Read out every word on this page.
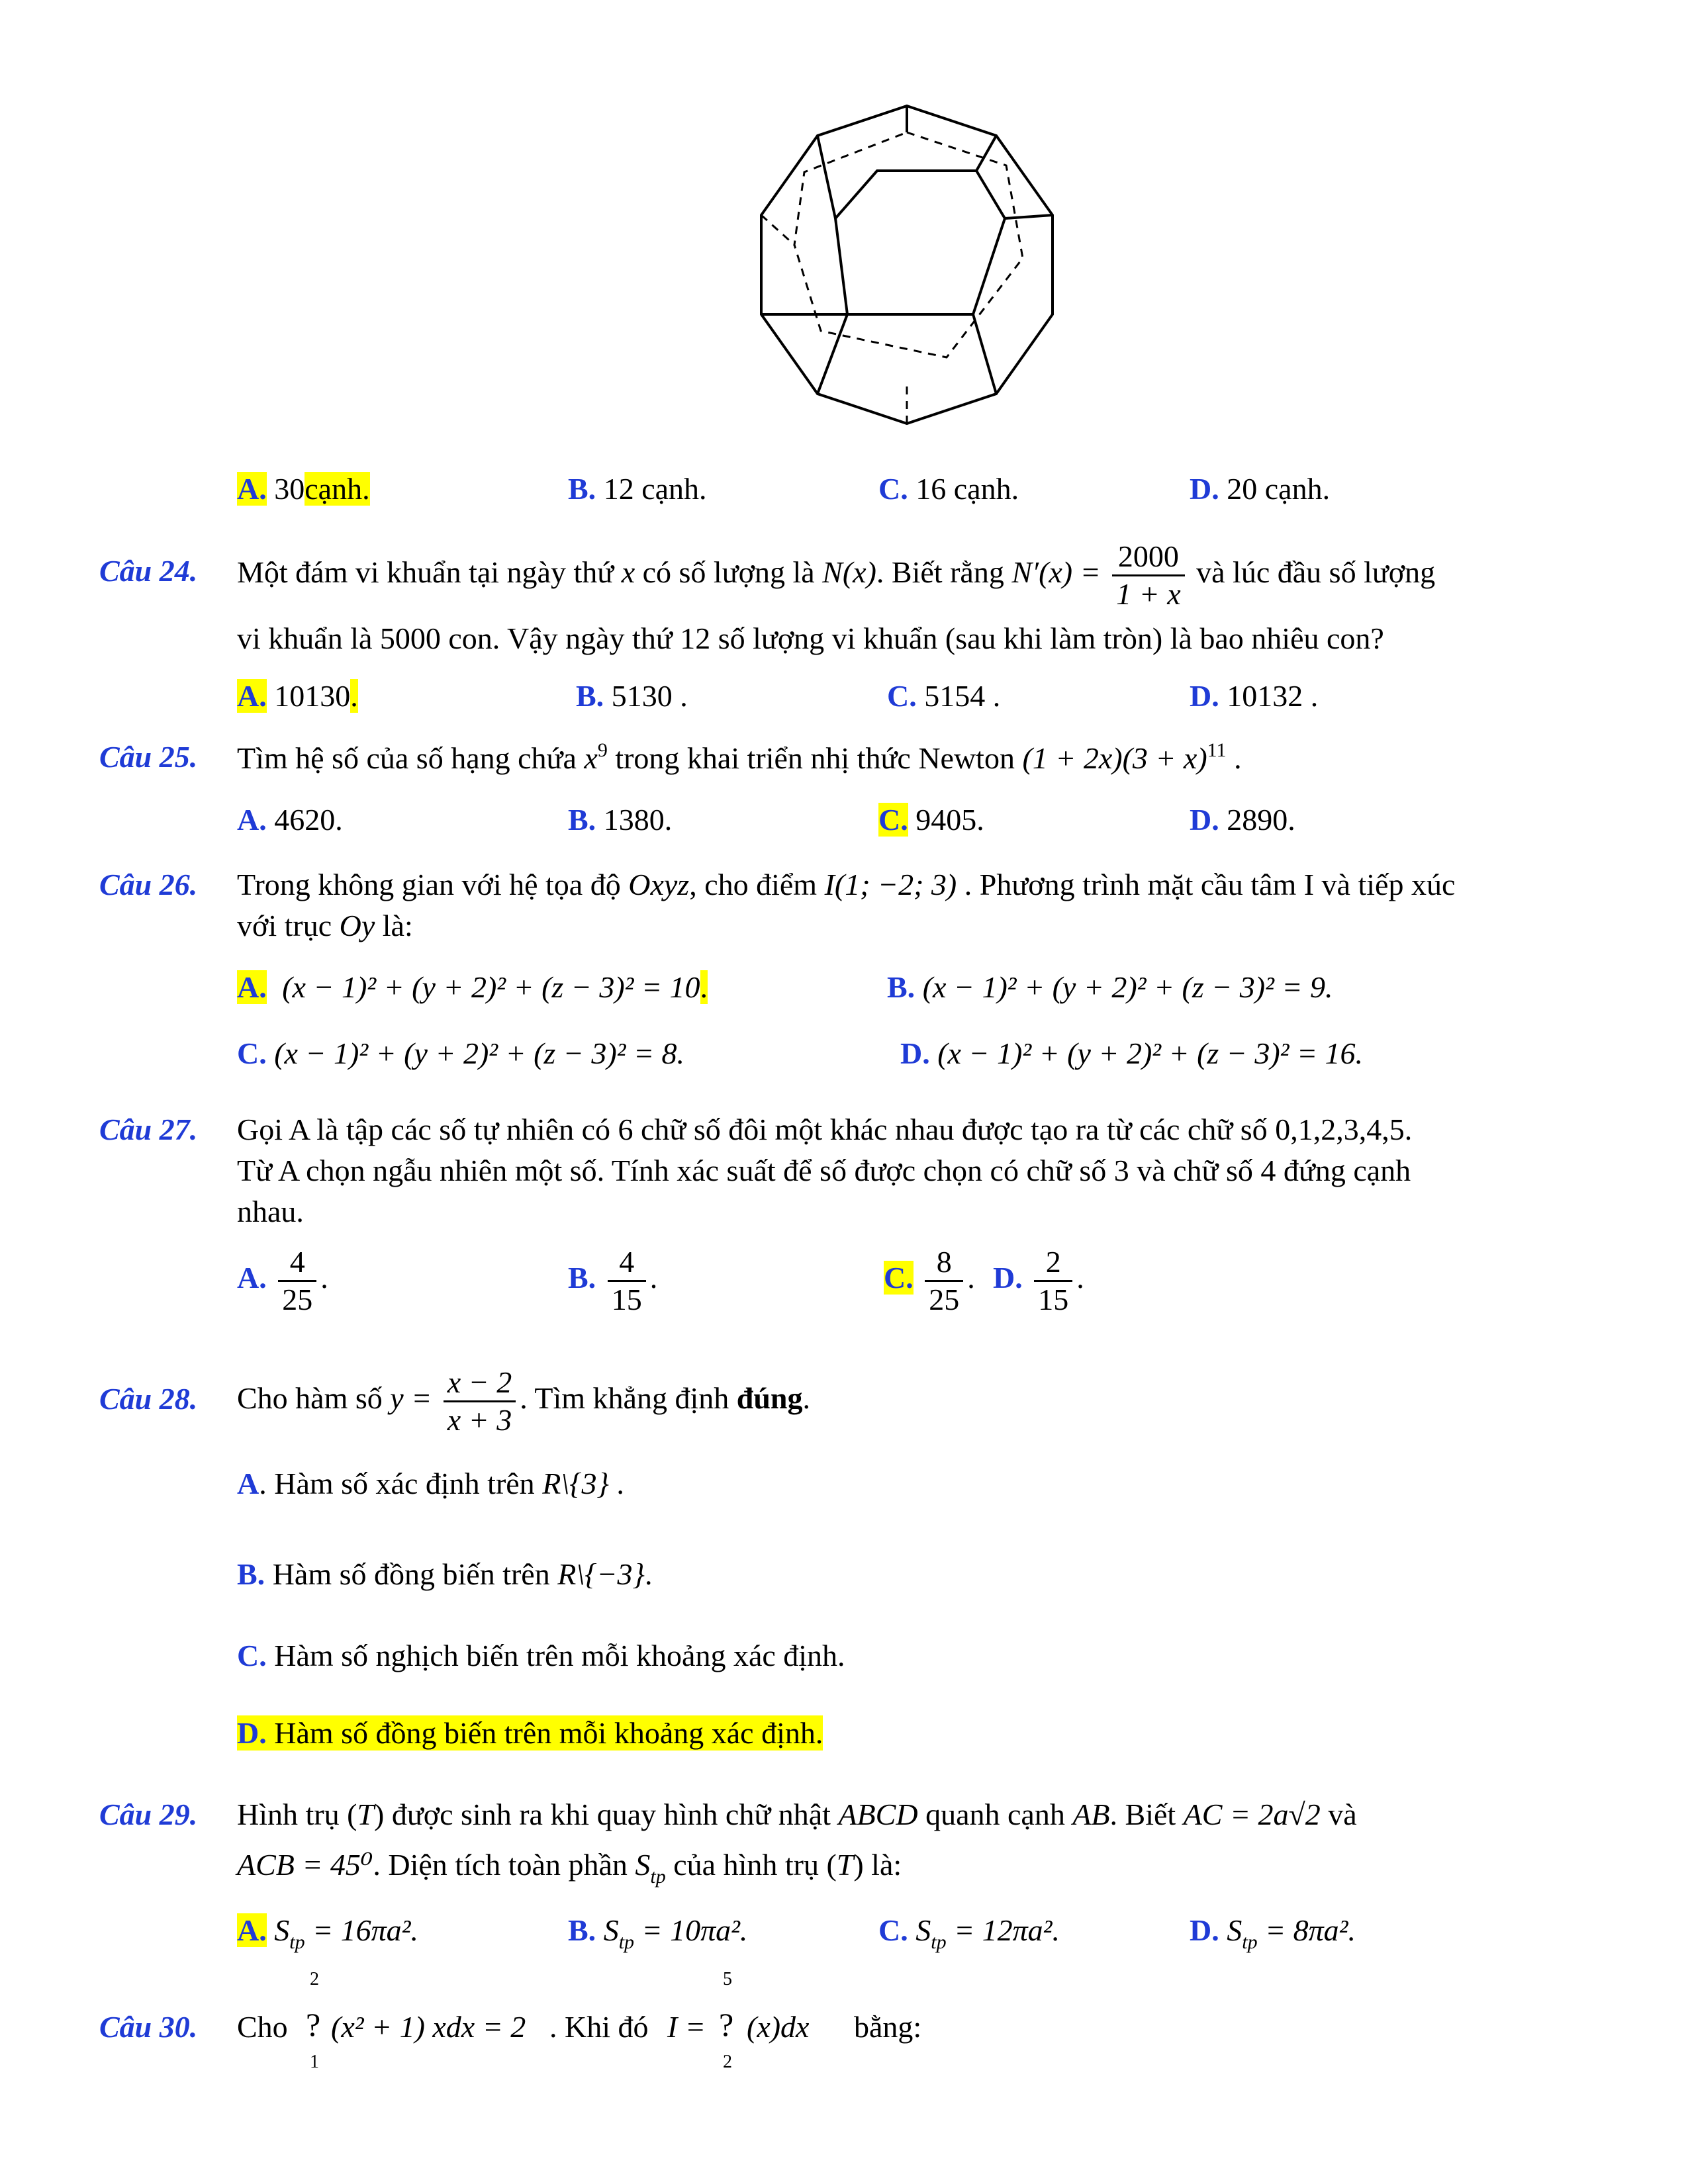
A. 30cạnh.	B. 12 cạnh.	C. 16 cạnh.	D. 20 cạnh.
Câu 24. Một đám vi khuẩn tại ngày thứ x có số lượng là N(x). Biết rằng $N'(x) = \frac{2000}{1 + x}$ và lúc đầu số lượng
vi khuẩn là 5000 con. Vậy ngày thứ 12 số lượng vi khuẩn (sau khi làm tròn) là bao nhiêu con?
A. 10130.	B. 5130 .	C. 5154 .	D. 10132 .
Câu 25. Tìm hệ số của số hạng chứa $x^9$ trong khai triển nhị thức Newton $(1 + 2x)(3 + x)^{11}$ .
A. 4620.	B. 1380.	C. 9405.	D. 2890.
Câu 26. Trong không gian với hệ tọa độ Oxyz, cho điểm I(1; −2; 3) . Phương trình mặt cầu tâm I và tiếp xúc
với trục Oy là:
A. (x − 1)² + (y + 2)² + (z − 3)² = 10.	B. (x − 1)² + (y + 2)² + (z − 3)² = 9.
C. (x − 1)² + (y + 2)² + (z − 3)² = 8.	D. (x − 1)² + (y + 2)² + (z − 3)² = 16.
Câu 27. Gọi A là tập các số tự nhiên có 6 chữ số đôi một khác nhau được tạo ra từ các chữ số 0,1,2,3,4,5.
Từ A chọn ngẫu nhiên một số. Tính xác suất để số được chọn có chữ số 3 và chữ số 4 đứng cạnh
nhau.
A. $\frac{4}{25}$ .	B. $\frac{4}{15}$ .	C. $\frac{8}{25}$ . D. $\frac{2}{15}$ .
Câu 28. Cho hàm số $y = \frac{x - 2}{x + 3}$ . Tìm khẳng định đúng.
A. Hàm số xác định trên R\{3} .
B. Hàm số đồng biến trên R\{−3}.
C. Hàm số nghịch biến trên mỗi khoảng xác định.
D. Hàm số đồng biến trên mỗi khoảng xác định.
Câu 29. Hình trụ (T) được sinh ra khi quay hình chữ nhật ABCD quanh cạnh AB. Biết AC = 2a√2 và
ACB = 45⁰. Diện tích toàn phần $S_{tp}$ của hình trụ (T) là:
A. $S_{tp} = 16\pi a^2$.	B. $S_{tp} = 10\pi a^2$.	C. $S_{tp} = 12\pi a^2$.	D. $S_{tp} = 8\pi a^2$.
Câu 30. Cho
2
1
? (x² + 1) xdx = 2 . Khi đó I =
5
2
? (x)dx bằng:
